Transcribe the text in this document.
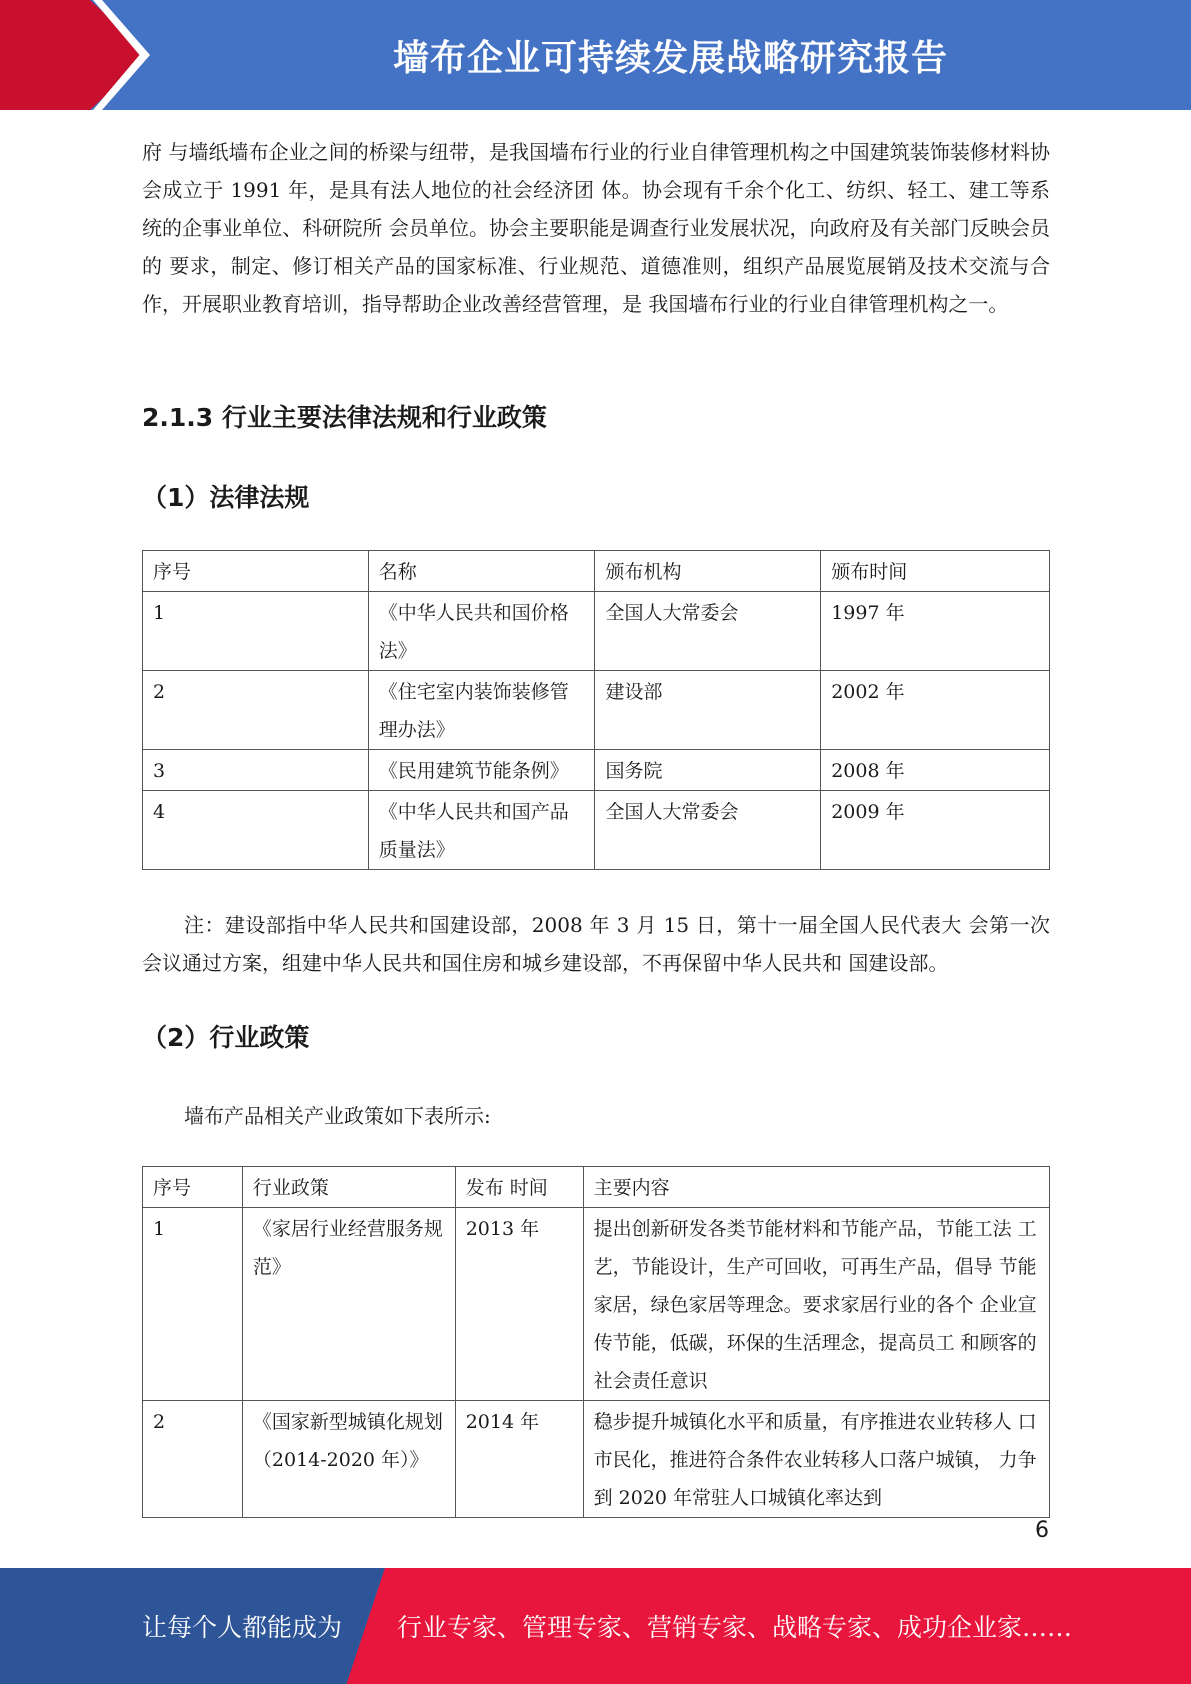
墙布企业可持续发展战略研究报告

府 与墙纸墙布企业之间的桥梁与纽带，是我国墙布行业的行业自律管理机构之中国建筑装饰装修材料协会成立于 1991 年，是具有法人地位的社会经济团 体。协会现有千余个化工、纺织、轻工、建工等系统的企事业单位、科研院所 会员单位。协会主要职能是调查行业发展状况，向政府及有关部门反映会员的 要求，制定、修订相关产品的国家标准、行业规范、道德准则，组织产品展览展销及技术交流与合作，开展职业教育培训，指导帮助企业改善经营管理，是 我国墙布行业的行业自律管理机构之一。

2.1.3 行业主要法律法规和行业政策
（1）法律法规
序号	名称	颁布机构	颁布时间
1	《中华人民共和国价格法》	全国人大常委会	1997 年
2	《住宅室内装饰装修管理办法》	建设部	2002 年
3	《民用建筑节能条例》	国务院	2008 年
4	《中华人民共和国产品质量法》	全国人大常委会	2009 年

注：建设部指中华人民共和国建设部，2008 年 3 月 15 日，第十一届全国人民代表大 会第一次会议通过方案，组建中华人民共和国住房和城乡建设部，不再保留中华人民共和 国建设部。

（2）行业政策

墙布产品相关产业政策如下表所示:

序号	行业政策	发布 时间	主要内容
1	《家居行业经营服务规范》	2013 年	提出创新研发各类节能材料和节能产品，节能工法 工艺，节能设计，生产可回收，可再生产品，倡导 节能家居，绿色家居等理念。要求家居行业的各个 企业宣传节能，低碳，环保的生活理念，提高员工 和顾客的社会责任意识
2	《国家新型城镇化规划（2014-2020 年）》	2014 年	稳步提升城镇化水平和质量，有序推进农业转移人 口市民化，推进符合条件农业转移人口落户城镇， 力争到 2020 年常驻人口城镇化率达到
6
让每个人都能成为 行业专家、管理专家、营销专家、战略专家、成功企业家……
